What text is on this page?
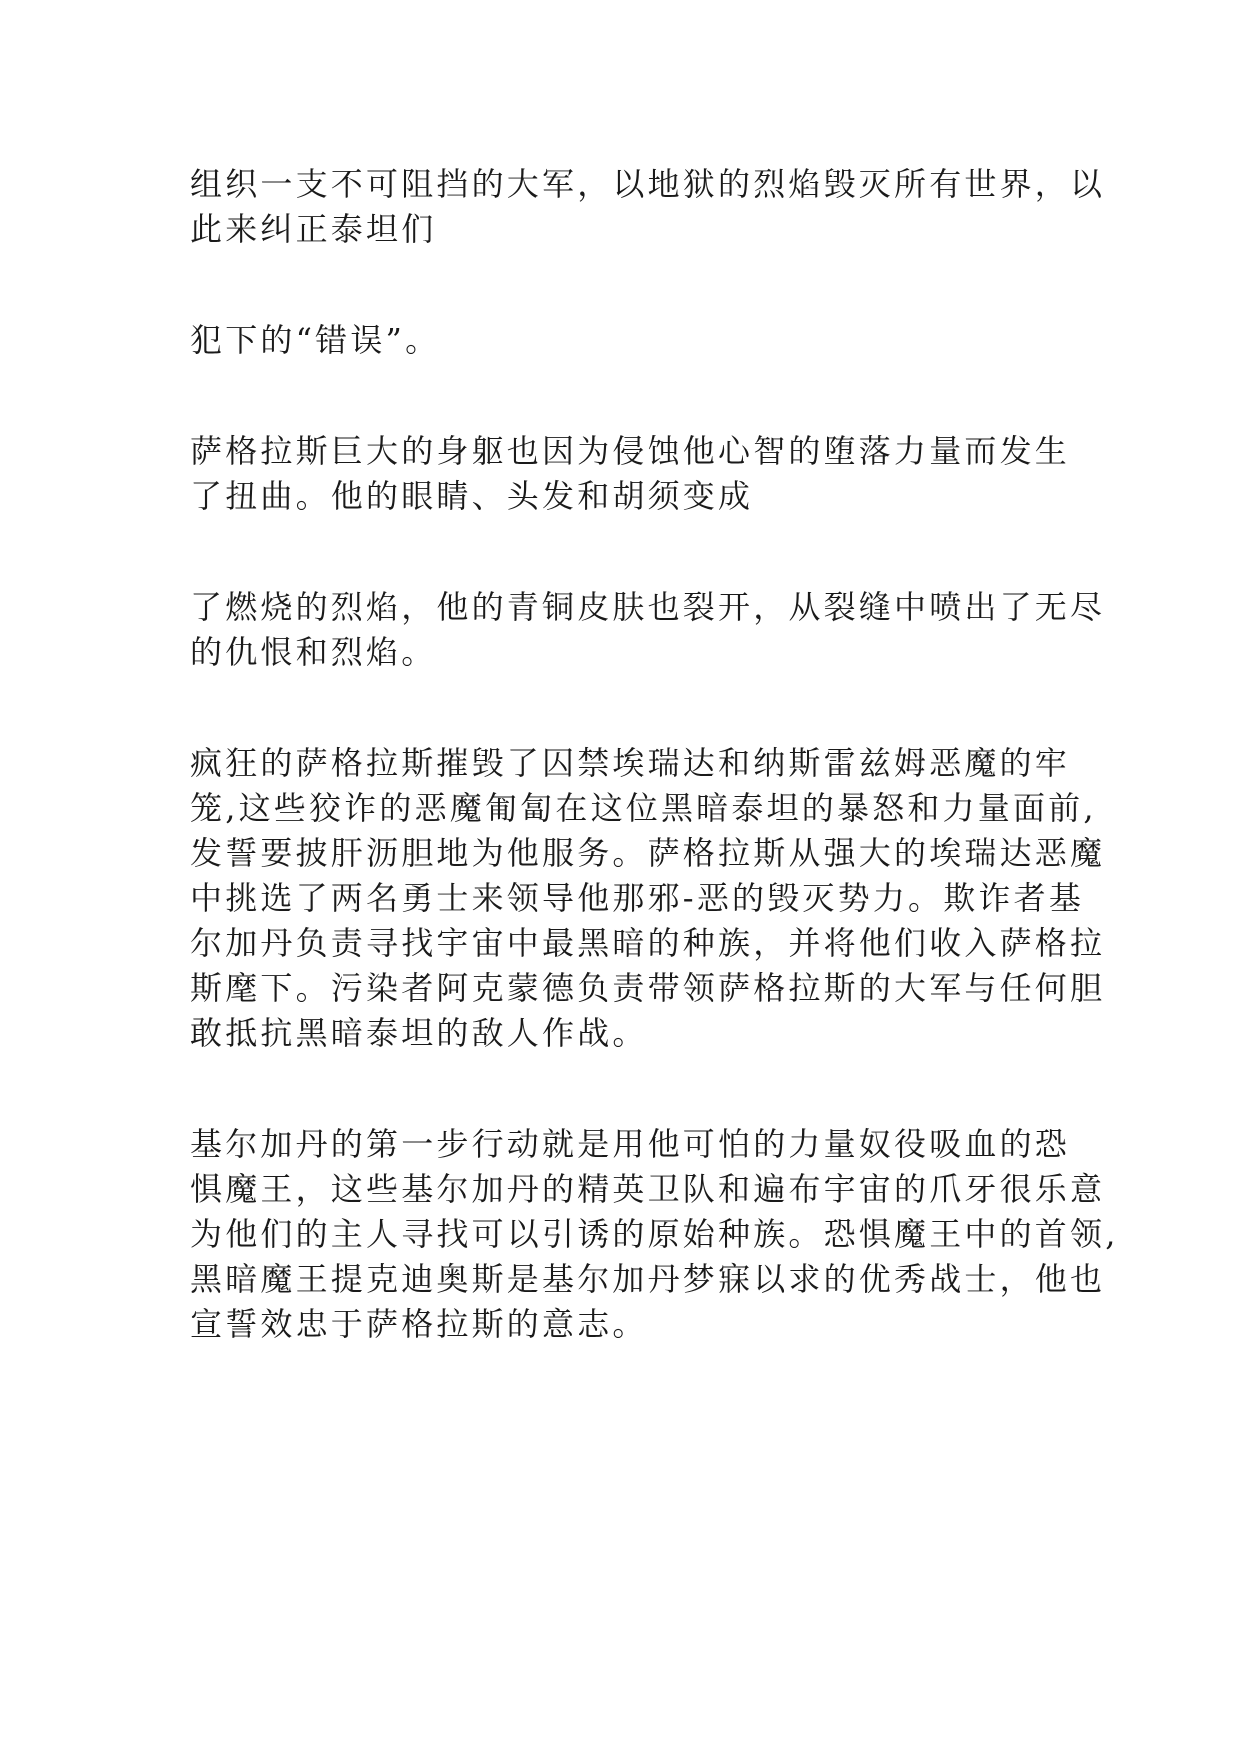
组织一支不可阻挡的大军，以地狱的烈焰毁灭所有世界，以
此来纠正泰坦们

犯下的“错误”。

萨格拉斯巨大的身躯也因为侵蚀他心智的堕落力量而发生
了扭曲。他的眼睛、头发和胡须变成

了燃烧的烈焰，他的青铜皮肤也裂开，从裂缝中喷出了无尽
的仇恨和烈焰。

疯狂的萨格拉斯摧毁了囚禁埃瑞达和纳斯雷兹姆恶魔的牢
笼,这些狡诈的恶魔匍匐在这位黑暗泰坦的暴怒和力量面前,
发誓要披肝沥胆地为他服务。萨格拉斯从强大的埃瑞达恶魔
中挑选了两名勇士来领导他那邪-恶的毁灭势力。欺诈者基
尔加丹负责寻找宇宙中最黑暗的种族，并将他们收入萨格拉
斯麾下。污染者阿克蒙德负责带领萨格拉斯的大军与任何胆
敢抵抗黑暗泰坦的敌人作战。

基尔加丹的第一步行动就是用他可怕的力量奴役吸血的恐
惧魔王，这些基尔加丹的精英卫队和遍布宇宙的爪牙很乐意
为他们的主人寻找可以引诱的原始种族。恐惧魔王中的首领,
黑暗魔王提克迪奥斯是基尔加丹梦寐以求的优秀战士，他也
宣誓效忠于萨格拉斯的意志。
